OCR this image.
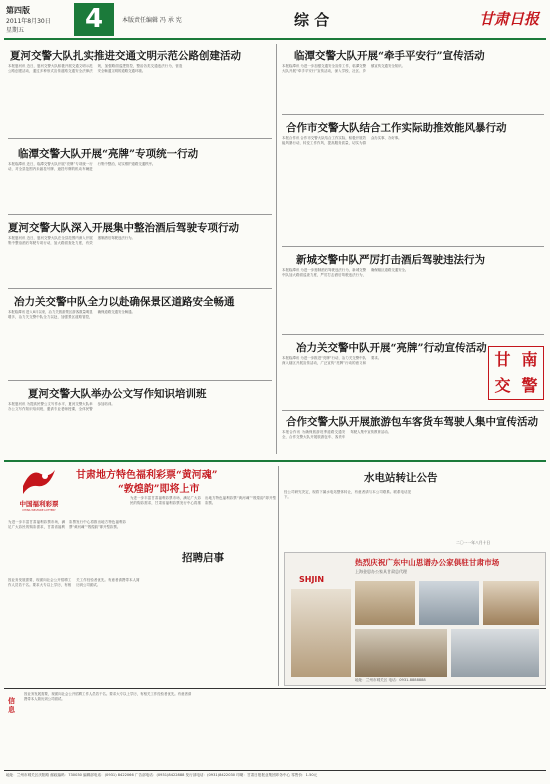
第四版
2011年8月30日
星期五	4	本版责任编辑 冯 承 宪	综 合	甘肃日报
夏河交警大队扎实推进交通文明示范公路创建活动
本报夏河讯 近日，夏河交警大队积极开展交通文明示范公路创建活动，通过多种形式宣传道路交通安全法律法规，加强路面巡逻管控，整治各类交通违法行为，营造安全畅通文明的道路交通环境。
临潭交警大队开展“亮牌”专项统一行动
本报临潭讯 近日，临潭交警大队开展“亮牌”专项统一行动，对全县范围内未悬挂号牌、遮挡号牌的机动车辆进行集中整治，切实维护道路交通秩序。
夏河交警大队深入开展集中整治酒后驾驶专项行动
本报夏河讯 近日，夏河交警大队在全县范围内深入开展集中整治酒后驾驶专项行动，加大路面查处力度，有效遏制酒后驾驶违法行为。
冶力关交警中队全力以赴确保景区道路安全畅通
本报临潭讯 进入8月以来，冶力关旅游景区游客数量明显增多，冶力关交警中队全力以赴，加强景区道路管控，确保道路交通安全畅通。
夏河交警大队举办公文写作知识培训班
本报夏河讯 为提高民警公文写作水平，夏河交警大队举办公文写作知识培训班，邀请专业老师授课，全体民警参加培训。
临潭交警大队开展“牵手平安行”宣传活动
本报临潭讯 为进一步加强交通安全宣传工作，临潭交警大队开展“牵手平安行”宣传活动，深入学校、社区、乡镇宣传交通安全知识。
合作市交警大队结合工作实际助推效能风暴行动
本报合作讯 合作市交警大队结合工作实际，积极开展效能风暴行动，转变工作作风，提高服务质量，切实为群众办实事、办好事。
新城交警中队严厉打击酒后驾驶违法行为
本报临潭讯 为进一步遏制酒后驾驶违法行为，新城交警中队加大路面巡查力度，严厉打击酒后驾驶违法行为，确保辖区道路交通安全。
冶力关交警中队开展“亮牌”行动宣传活动
本报临潭讯 为进一步推进“亮牌”行动，冶力关交警中队深入辖区开展宣传活动，广泛宣传“亮牌”行动的意义和要求。
合作交警大队开展旅游包车客货车驾驶人集中宣传活动
本报合作讯 为确保旅游旺季道路交通安全，合作交警大队开展旅游包车、客货车驾驶人集中宣传教育活动。
甘 南
交 警
中国福利彩票
CHINA WELFARE LOTTERY
甘肃地方特色福利彩票“黄河魂”
“敦煌韵”即将上市
为进一步丰富甘肃福利彩票市场，满足广大彩民的购彩需求，甘肃省福利彩票发行中心将推出地方特色福利彩票“黄河魂”“敦煌韵”即开型彩票。
为进一步丰富甘肃福利彩票市场，满足广大彩民的购彩需求，甘肃省福利彩票发行中心将推出地方特色福利彩票“黄河魂”“敦煌韵”即开型彩票。
招聘启事
因业务发展需要，现面向社会公开招聘工作人员若干名。要求大专以上学历，有相关工作经验者优先。有意者请携带本人简历到公司面试。
水电站转让公告
经公司研究决定，现将下属水电站整体转让，有意者请与本公司联系。联系电话见下。
二〇一一年八月十日
SHJIN
热烈庆祝广东中山思谱办公家俱驻甘肃市场
上海金思办公家具甘肃总代理
地址：兰州市城关区 电话：0931-8888888
信息
因业务发展需要，现面向社会公开招聘工作人员若干名。要求大专以上学历，有相关工作经验者优先。有意者请携带本人简历到公司面试。
地址：兰州市城关区庆阳路 邮政编码：730030 编辑部电话：(0931) 8422066 广告部电话：(0931)8422888 发行部电话：(0931)8422030 印刷：甘肃日报报业集团印务中心 零售价：1.50元
